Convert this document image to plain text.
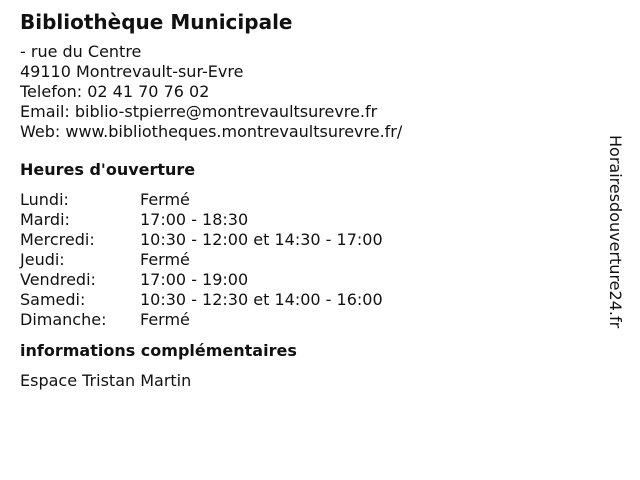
Bibliothèque Municipale
- rue du Centre
49110 Montrevault-sur-Evre
Telefon: 02 41 70 76 02
Email: biblio-stpierre@montrevaultsurevre.fr
Web: www.bibliotheques.montrevaultsurevre.fr/
Heures d'ouverture
Lundi:	Fermé
Mardi:	17:00 - 18:30
Mercredi:	10:30 - 12:00 et 14:30 - 17:00
Jeudi:	Fermé
Vendredi:	17:00 - 19:00
Samedi:	10:30 - 12:30 et 14:00 - 16:00
Dimanche:	Fermé
informations complémentaires
Espace Tristan Martin
Horairesdouverture24.fr
